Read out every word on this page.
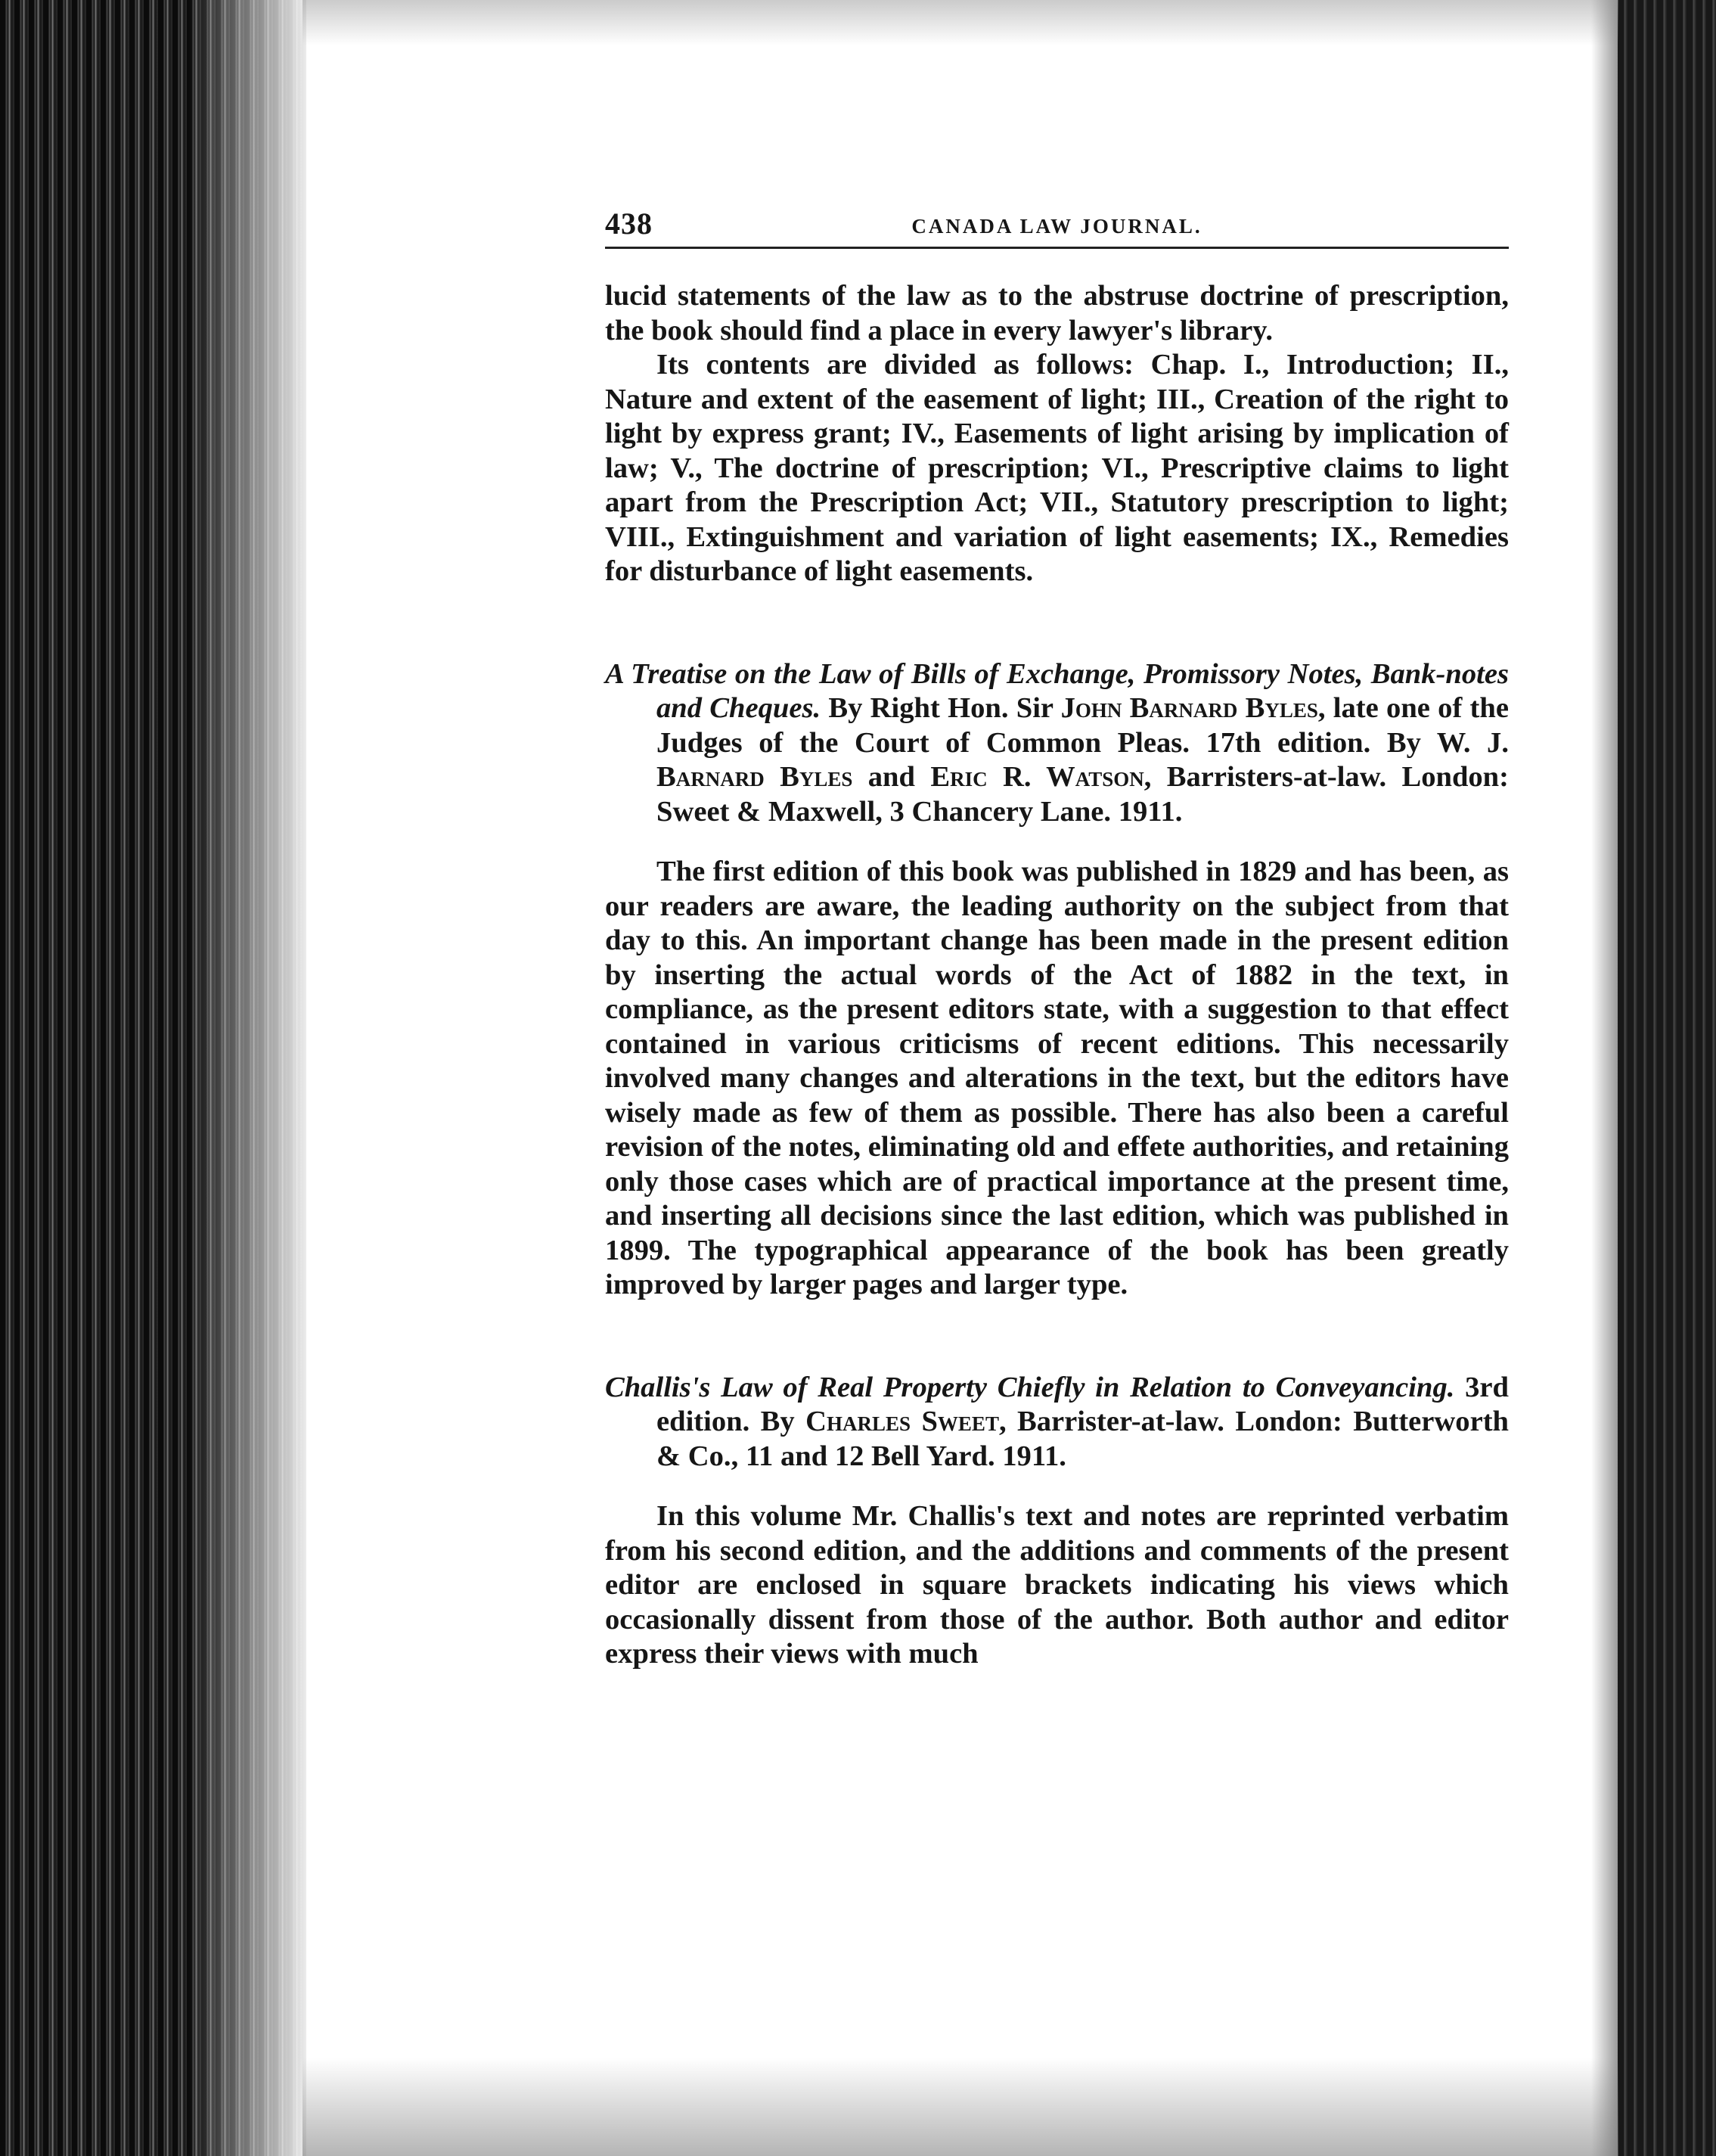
438	CANADA LAW JOURNAL.

lucid statements of the law as to the abstruse doctrine of prescription, the book should find a place in every lawyer's library.

Its contents are divided as follows: Chap. I., Introduction; II., Nature and extent of the easement of light; III., Creation of the right to light by express grant; IV., Easements of light arising by implication of law; V., The doctrine of prescription; VI., Prescriptive claims to light apart from the Prescription Act; VII., Statutory prescription to light; VIII., Extinguishment and variation of light easements; IX., Remedies for disturbance of light easements.

A Treatise on the Law of Bills of Exchange, Promissory Notes, Bank-notes and Cheques. By Right Hon. Sir John Barnard Byles, late one of the Judges of the Court of Common Pleas. 17th edition. By W. J. Barnard Byles and Eric R. Watson, Barristers-at-law. London: Sweet & Maxwell, 3 Chancery Lane. 1911.

The first edition of this book was published in 1829 and has been, as our readers are aware, the leading authority on the subject from that day to this. An important change has been made in the present edition by inserting the actual words of the Act of 1882 in the text, in compliance, as the present editors state, with a suggestion to that effect contained in various criticisms of recent editions. This necessarily involved many changes and alterations in the text, but the editors have wisely made as few of them as possible. There has also been a careful revision of the notes, eliminating old and effete authorities, and retaining only those cases which are of practical importance at the present time, and inserting all decisions since the last edition, which was published in 1899. The typographical appearance of the book has been greatly improved by larger pages and larger type.

Challis's Law of Real Property Chiefly in Relation to Conveyancing. 3rd edition. By Charles Sweet, Barrister-at-law. London: Butterworth & Co., 11 and 12 Bell Yard. 1911.

In this volume Mr. Challis's text and notes are reprinted verbatim from his second edition, and the additions and comments of the present editor are enclosed in square brackets indicating his views which occasionally dissent from those of the author. Both author and editor express their views with much
